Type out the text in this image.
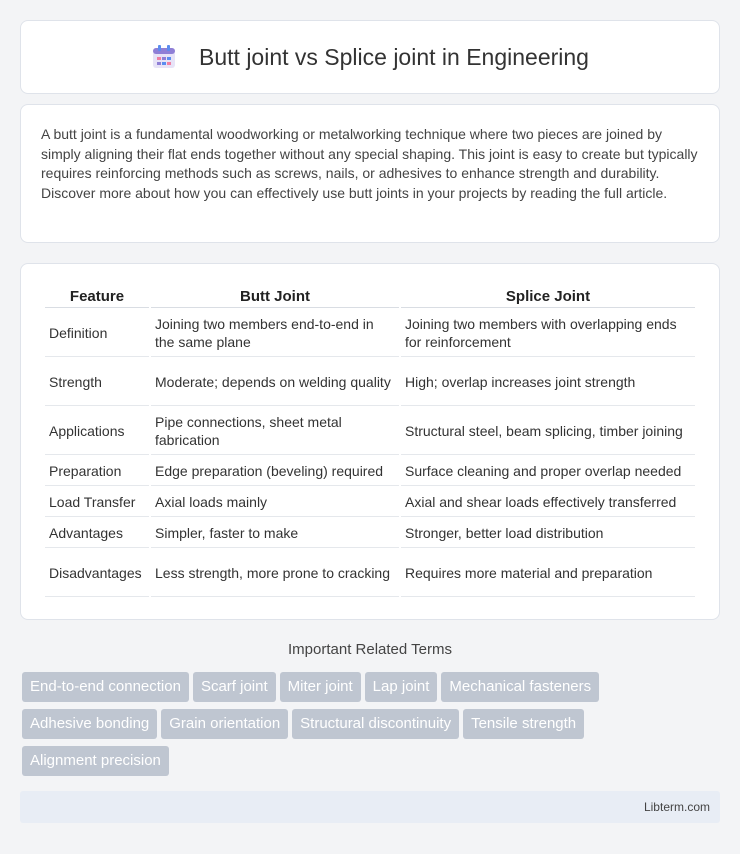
Butt joint vs Splice joint in Engineering

A butt joint is a fundamental woodworking or metalworking technique where two pieces are joined by simply aligning their flat ends together without any special shaping. This joint is easy to create but typically requires reinforcing methods such as screws, nails, or adhesives to enhance strength and durability. Discover more about how you can effectively use butt joints in your projects by reading the full article.

Feature	Butt Joint	Splice Joint
Definition	Joining two members end-to-end in the same plane	Joining two members with overlapping ends for reinforcement
Strength	Moderate; depends on welding quality	High; overlap increases joint strength
Applications	Pipe connections, sheet metal fabrication	Structural steel, beam splicing, timber joining
Preparation	Edge preparation (beveling) required	Surface cleaning and proper overlap needed
Load Transfer	Axial loads mainly	Axial and shear loads effectively transferred
Advantages	Simpler, faster to make	Stronger, better load distribution
Disadvantages	Less strength, more prone to cracking	Requires more material and preparation
Important Related Terms
End-to-end connection Scarf joint Miter joint Lap joint Mechanical fastenersAdhesive bonding Grain orientation Structural discontinuity Tensile strengthAlignment precision
Libterm.com
